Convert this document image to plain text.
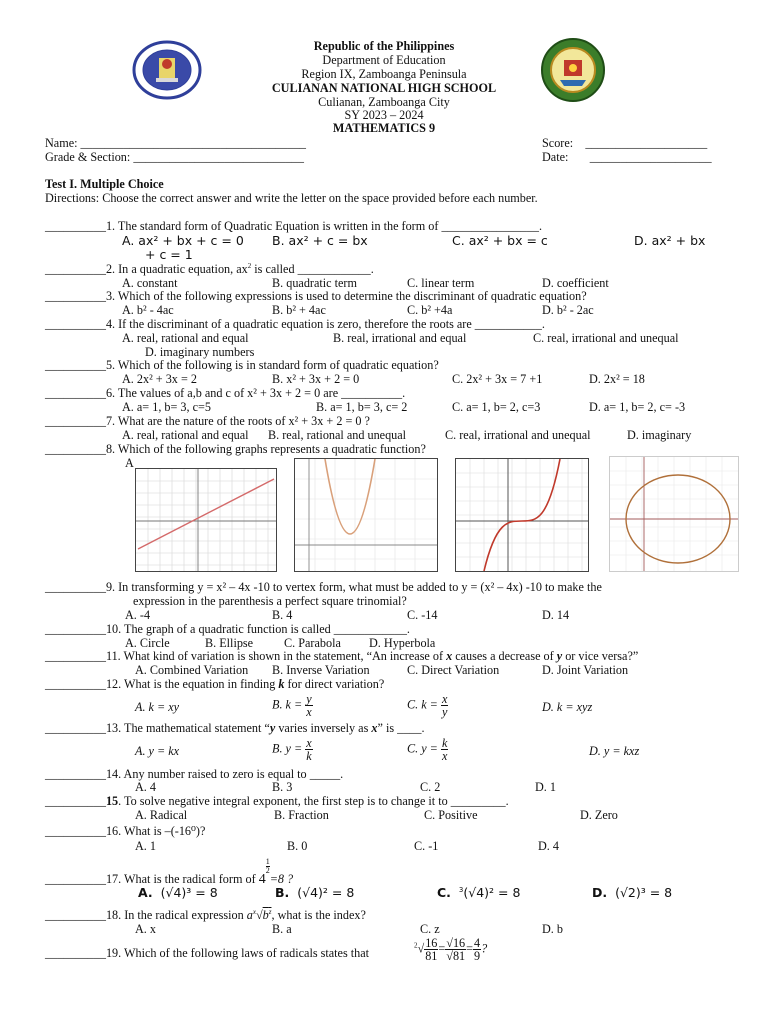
Republic of the Philippines
Department of Education
Region IX, Zamboanga Peninsula
CULIANAN NATIONAL HIGH SCHOOL
Culianan, Zamboanga City
SY 2023 – 2024
MATHEMATICS 9
Name: _____________________________________
Grade & Section: ____________________________
Score: ____________________
Date: ____________________
Test I. Multiple Choice
Directions: Choose the correct answer and write the letter on the space provided before each number.
__________1. The standard form of Quadratic Equation is written in the form of ________________.
A. ax² + bx + c = 0 B. ax² + c = bx	C. ax² + bx = c	D. ax² + bx
+ c = 1
__________2. In a quadratic equation, $ax^2$ is called ____________.
A. constant	B. quadratic term	C. linear term	D. coefficient
__________3. Which of the following expressions is used to determine the discriminant of quadratic equation?
A. b² - 4ac	B. b² + 4ac	C. b² +4a	D. b² - 2ac
__________4. If the discriminant of a quadratic equation is zero, therefore the roots are ___________.
A. real, rational and equal	B. real, irrational and equal	C. real, irrational and unequal
D. imaginary numbers
__________5. Which of the following is in standard form of quadratic equation?
A. 2x² + 3x = 2	B. x² + 3x + 2 = 0	C. 2x² + 3x = 7 +1	D. 2x² = 18
__________6. The values of a,b and c of x² + 3x + 2 = 0 are __________.
A. a= 1, b= 3, c=5	B. a= 1, b= 3, c= 2	C. a= 1, b= 2, c=3	D. a= 1, b= 2, c= -3
__________7. What are the nature of the roots of x² + 3x + 2 = 0 ?
A. real, rational and equal B. real, rational and unequal	C. real, irrational and unequal	D. imaginary
__________8. Which of the following graphs represents a quadratic function?
A
__________9. In transforming y = x² – 4x -10 to vertex form, what must be added to y = (x² – 4x) -10 to make the
expression in the parenthesis a perfect square trinomial?
A. -4	B. 4	C. -14	D. 14
__________10. The graph of a quadratic function is called ____________.
A. Circle	B. Ellipse	C. Parabola D. Hyperbola
__________11. What kind of variation is shown in the statement, “An increase of x causes a decrease of y or vice versa?”
A. Combined Variation B. Inverse Variation	C. Direct Variation	D. Joint Variation
__________12. What is the equation in finding k for direct variation?
A. k = xy	B. $k = \frac{y}{x}$	C. $k = \frac{x}{y}$	D. k = xyz
__________13. The mathematical statement “y varies inversely as x” is ____.
A. y = kx	B. $y = \frac{x}{k}$	C. $y = \frac{k}{x}$	D. y = kxz
__________14. Any number raised to zero is equal to _____.
A. 4	B. 3	C. 2	D. 1
__________15. To solve negative integral exponent, the first step is to change it to _________.
A. Radical	B. Fraction	C. Positive	D. Zero
__________16. What is –(-16⁰)?
A. 1	B. 0	C. -1	D. 4
__________17. What is the radical form of 4
$\frac{1}{2}$
=8 ?
A. (√4)³ = 8	B. (√4)² = 8	C. $^3$(√4)² = 8	D. (√2)³ = 8
__________18. In the radical expression $a^x√b^z$, what is the index?
A. x	B. a	C. z	D. b
__________19. Which of the following laws of radicals states that
$^2√ \frac{16}{81} = \frac{√16}{√81} = \frac{4}{9}$ ?
